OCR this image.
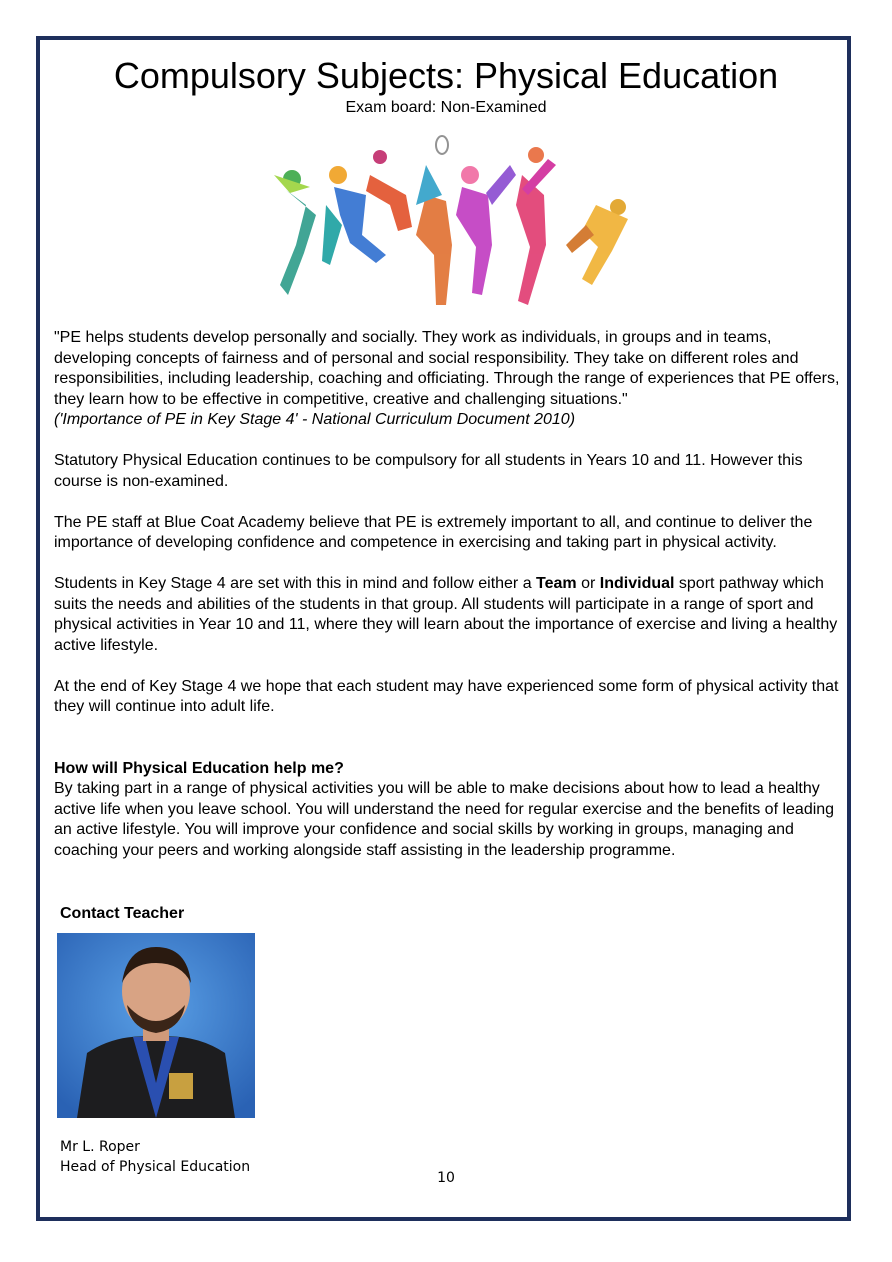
Compulsory Subjects: Physical Education
Exam board: Non-Examined

"PE helps students develop personally and socially. They work as individuals, in groups and in teams, developing concepts of fairness and of personal and social responsibility. They take on different roles and responsibilities, including leadership, coaching and officiating. Through the range of experiences that PE offers, they learn how to be effective in competitive, creative and challenging situations."
('Importance of PE in Key Stage 4' - National Curriculum Document 2010)

Statutory Physical Education continues to be compulsory for all students in Years 10 and 11. However this course is non-examined.

The PE staff at Blue Coat Academy believe that PE is extremely important to all, and continue to deliver the importance of developing confidence and competence in exercising and taking part in physical activity.

Students in Key Stage 4 are set with this in mind and follow either a Team or Individual sport pathway which suits the needs and abilities of the students in that group. All students will participate in a range of sport and physical activities in Year 10 and 11, where they will learn about the importance of exercise and living a healthy active lifestyle.

At the end of Key Stage 4 we hope that each student may have experienced some form of physical activity that they will continue into adult life.

How will Physical Education help me?
By taking part in a range of physical activities you will be able to make decisions about how to lead a healthy active life when you leave school. You will understand the need for regular exercise and the benefits of leading an active lifestyle. You will improve your confidence and social skills by working in groups, managing and coaching your peers and working alongside staff assisting in the leadership programme.

Contact Teacher
Mr L. Roper
Head of Physical Education
10
